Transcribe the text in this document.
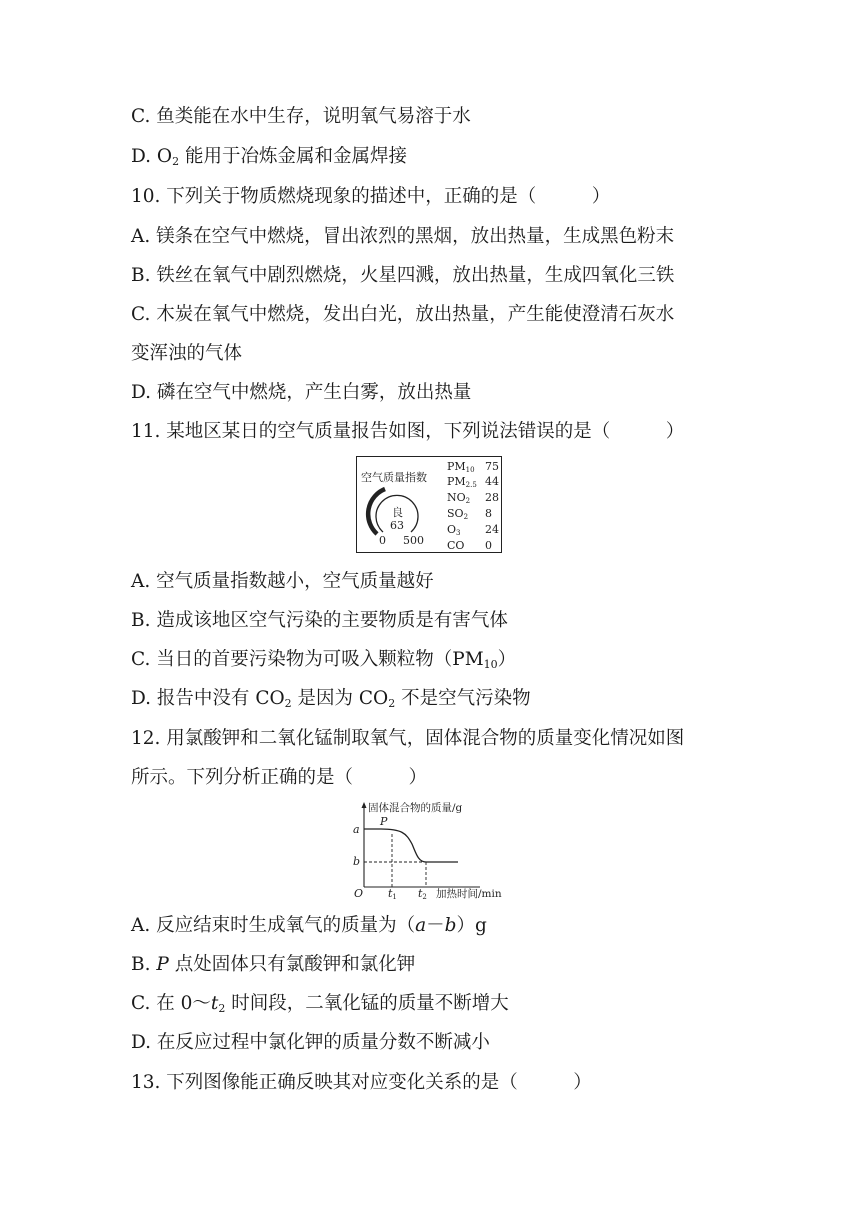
C. 鱼类能在水中生存，说明氧气易溶于水
D. $O_2$ 能用于冶炼金属和金属焊接
10. 下列关于物质燃烧现象的描述中，正确的是（　　　）
A. 镁条在空气中燃烧，冒出浓烈的黑烟，放出热量，生成黑色粉末
B. 铁丝在氧气中剧烈燃烧，火星四溅，放出热量，生成四氧化三铁
C. 木炭在氧气中燃烧，发出白光，放出热量，产生能使澄清石灰水
变浑浊的气体
D. 磷在空气中燃烧，产生白雾，放出热量
11. 某地区某日的空气质量报告如图，下列说法错误的是（　　　）
空气质量指数
良
63
0 500
$PM_{10}$ 75
$PM_{2.5}$ 44
$NO_2$ 28
$SO_2$ 8
$O_3$ 24
CO 0
A. 空气质量指数越小，空气质量越好
B. 造成该地区空气污染的主要物质是有害气体
C. 当日的首要污染物为可吸入颗粒物$(PM_{10})$
D. 报告中没有 $CO_2$ 是因为 $CO_2$ 不是空气污染物
12. 用氯酸钾和二氧化锰制取氧气，固体混合物的质量变化情况如图
所示。下列分析正确的是（　　　）
固体混合物的质量/g
a
b
P
O t1 t2 加热时间/min
A. 反应结束时生成氧气的质量为（a－b）g
B. P 点处固体只有氯酸钾和氯化钾
C. 在 $0\sim t_2$ 时间段，二氧化锰的质量不断增大
D. 在反应过程中氯化钾的质量分数不断减小
13. 下列图像能正确反映其对应变化关系的是（　　　）
